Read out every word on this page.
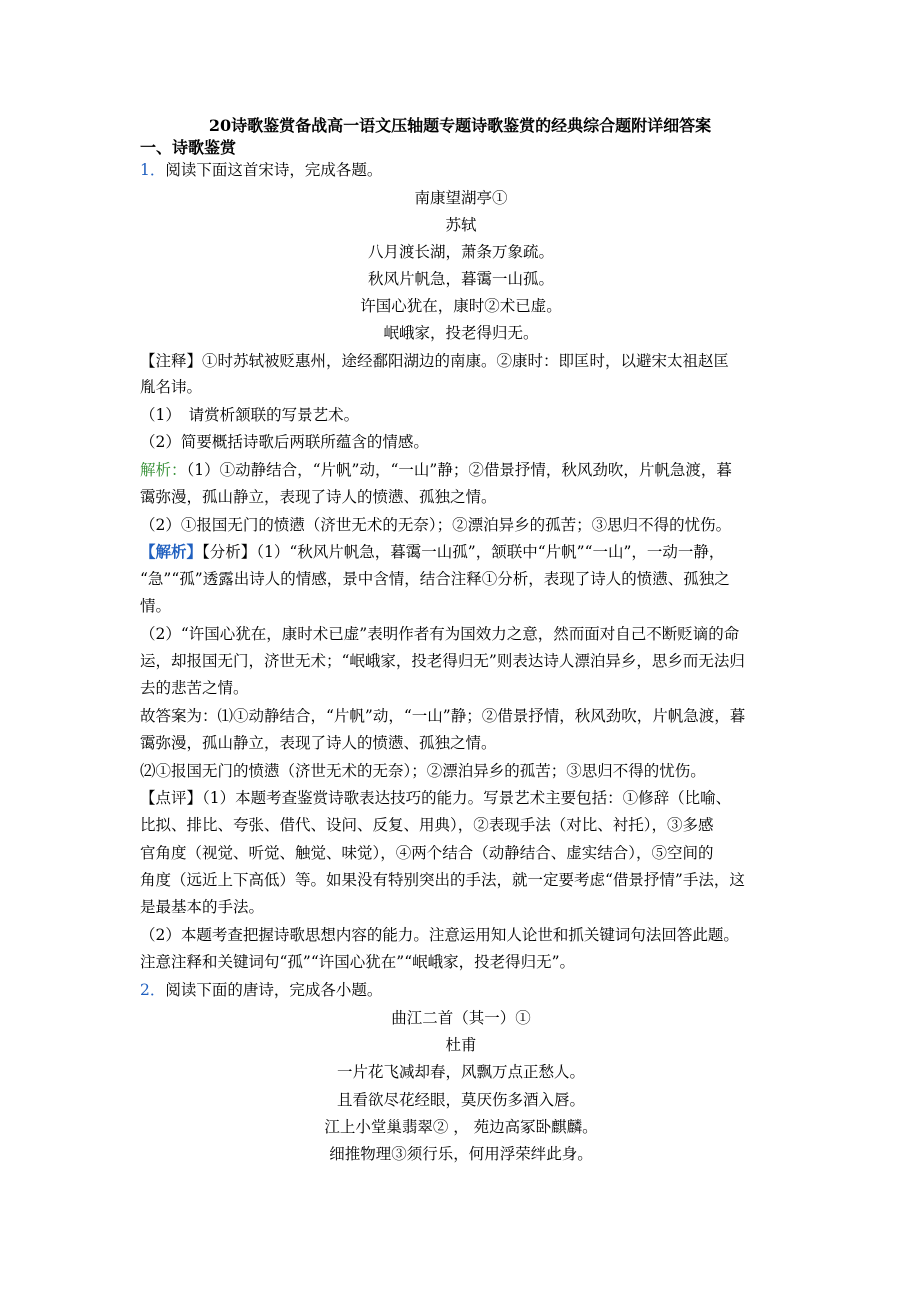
20诗歌鉴赏备战高一语文压轴题专题诗歌鉴赏的经典综合题附详细答案
一、诗歌鉴赏
1．阅读下面这首宋诗，完成各题。
南康望湖亭①
苏轼
八月渡长湖，萧条万象疏。
秋风片帆急，暮霭一山孤。
许国心犹在，康时②术已虚。
岷峨家，投老得归无。
【注释】①时苏轼被贬惠州，途经鄱阳湖边的南康。②康时：即匡时，以避宋太祖赵匡
胤名讳。
（1）　请赏析颔联的写景艺术。
（2）简要概括诗歌后两联所蕴含的情感。
解析：（1）①动静结合，“片帆”动，“一山”静；②借景抒情，秋风劲吹，片帆急渡，暮
霭弥漫，孤山静立，表现了诗人的愤懑、孤独之情。
（2）①报国无门的愤懑（济世无术的无奈）；②漂泊异乡的孤苦；③思归不得的忧伤。
【解析】【分析】（1）“秋风片帆急，暮霭一山孤”，颔联中“片帆”“一山”，一动一静，
“急”“孤”透露出诗人的情感，景中含情，结合注释①分析，表现了诗人的愤懑、孤独之
情。
（2）“许国心犹在，康时术已虚”表明作者有为国效力之意，然而面对自己不断贬谪的命
运，却报国无门，济世无术；“岷峨家，投老得归无”则表达诗人漂泊异乡，思乡而无法归
去的悲苦之情。
故答案为：⑴①动静结合，“片帆”动，“一山”静；②借景抒情，秋风劲吹，片帆急渡，暮
霭弥漫，孤山静立，表现了诗人的愤懑、孤独之情。
⑵①报国无门的愤懑（济世无术的无奈）；②漂泊异乡的孤苦；③思归不得的忧伤。
【点评】（1）本题考查鉴赏诗歌表达技巧的能力。写景艺术主要包括：①修辞（比喻、
比拟、排比、夸张、借代、设问、反复、用典），②表现手法（对比、衬托），③多感
官角度（视觉、听觉、触觉、味觉），④两个结合（动静结合、虚实结合），⑤空间的
角度（远近上下高低）等。如果没有特别突出的手法，就一定要考虑“借景抒情”手法，这
是最基本的手法。
（2）本题考查把握诗歌思想内容的能力。注意运用知人论世和抓关键词句法回答此题。
注意注释和关键词句“孤”“许国心犹在”“岷峨家，投老得归无”。
2．阅读下面的唐诗，完成各小题。
曲江二首（其一）①
杜甫
一片花飞减却春，风飘万点正愁人。
且看欲尽花经眼，莫厌伤多酒入唇。
江上小堂巢翡翠② ， 苑边高冢卧麒麟。
细推物理③须行乐，何用浮荣绊此身。
